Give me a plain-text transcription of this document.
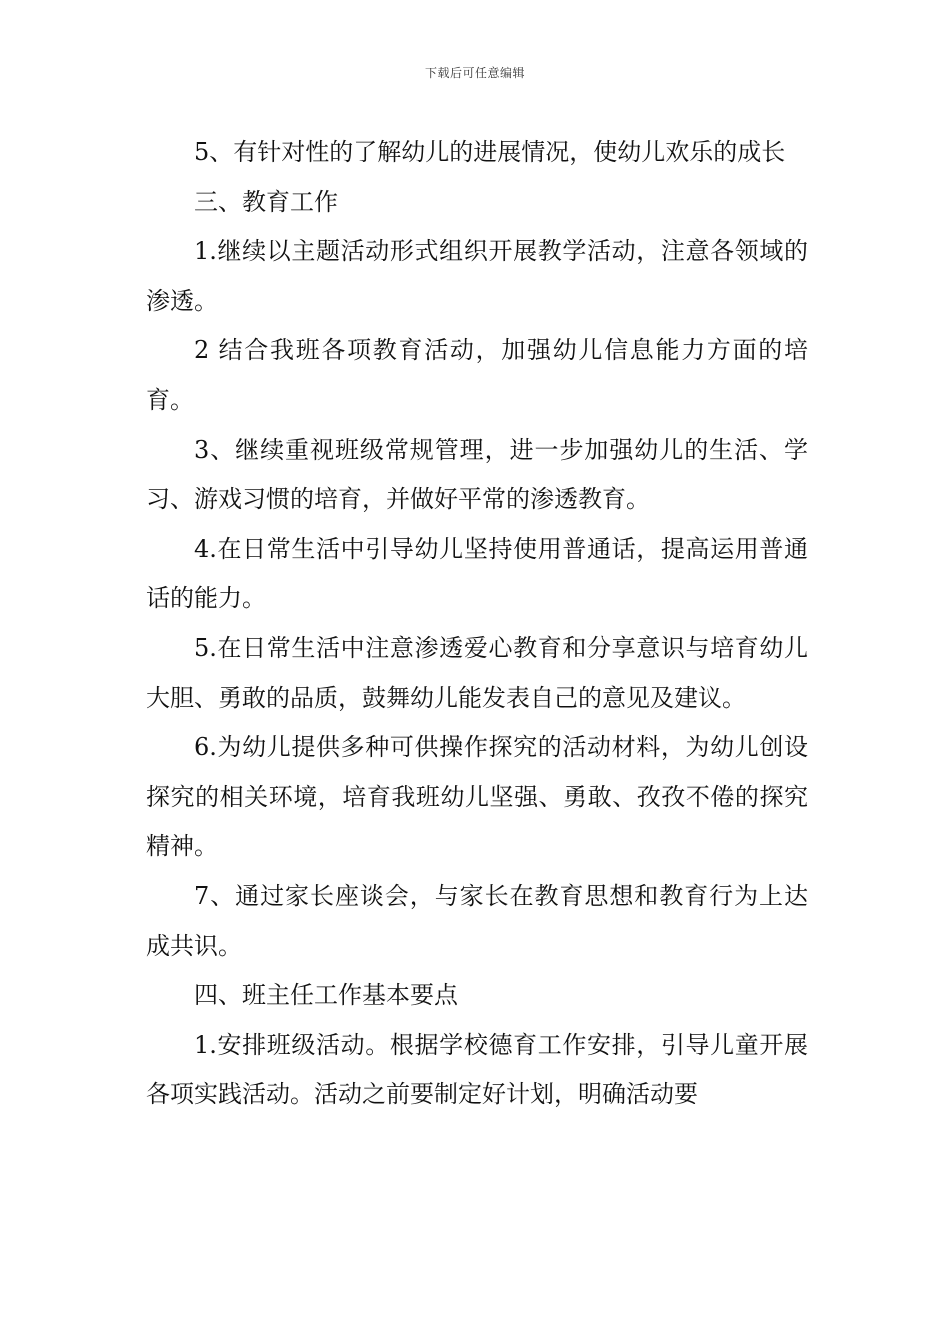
下载后可任意编辑

5、有针对性的了解幼儿的进展情况，使幼儿欢乐的成长

三、教育工作

1.继续以主题活动形式组织开展教学活动，注意各领域的渗透。

2 结合我班各项教育活动，加强幼儿信息能力方面的培育。

3、继续重视班级常规管理，进一步加强幼儿的生活、学习、游戏习惯的培育，并做好平常的渗透教育。

4.在日常生活中引导幼儿坚持使用普通话，提高运用普通话的能力。

5.在日常生活中注意渗透爱心教育和分享意识与培育幼儿大胆、勇敢的品质，鼓舞幼儿能发表自己的意见及建议。

6.为幼儿提供多种可供操作探究的活动材料，为幼儿创设探究的相关环境，培育我班幼儿坚强、勇敢、孜孜不倦的探究精神。

7、通过家长座谈会，与家长在教育思想和教育行为上达成共识。

四、班主任工作基本要点

1.安排班级活动。根据学校德育工作安排，引导儿童开展各项实践活动。活动之前要制定好计划，明确活动要
